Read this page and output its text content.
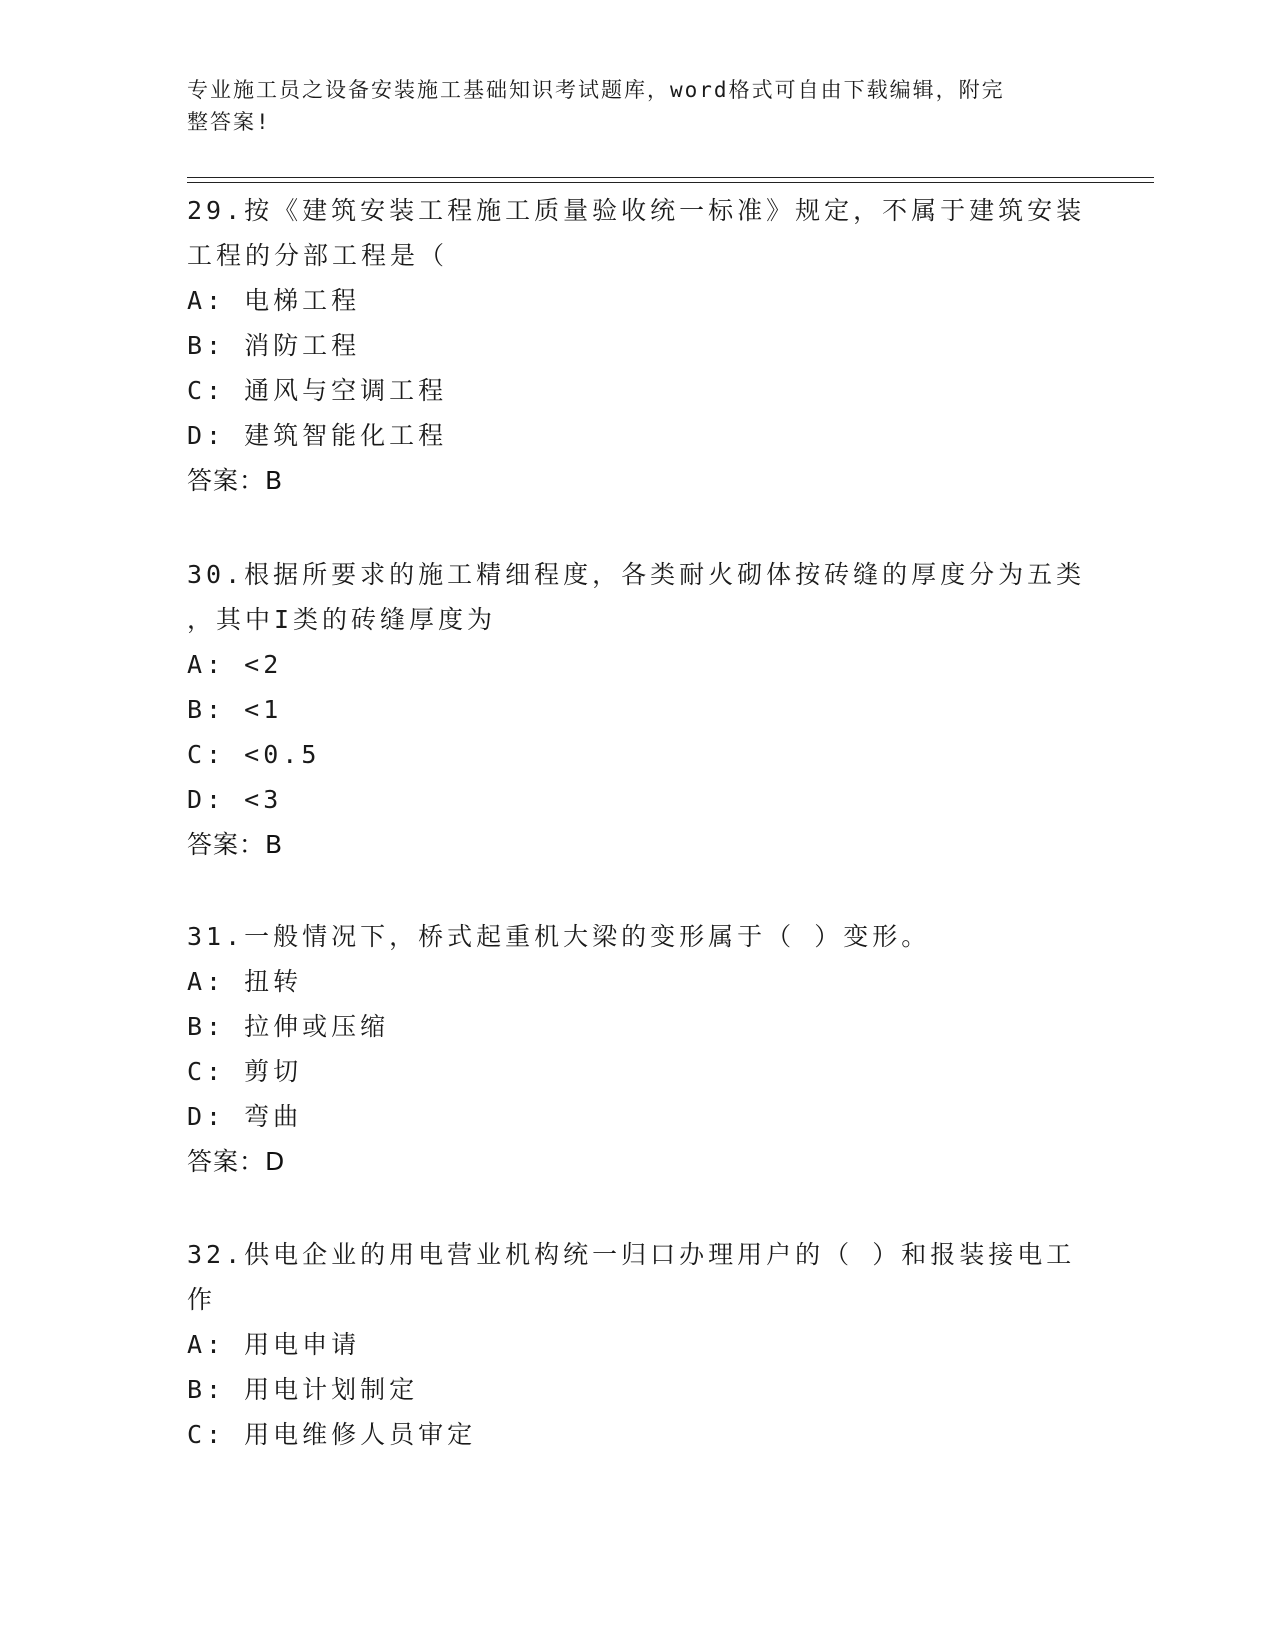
专业施工员之设备安装施工基础知识考试题库，word格式可自由下载编辑，附完
整答案!
29.按《建筑安装工程施工质量验收统一标准》规定，不属于建筑安装
工程的分部工程是（
A: 电梯工程
B: 消防工程
C: 通风与空调工程
D: 建筑智能化工程
答案：B
30.根据所要求的施工精细程度，各类耐火砌体按砖缝的厚度分为五类
，其中I类的砖缝厚度为
A: <2
B: <1
C: <0.5
D: <3
答案：B
31.一般情况下，桥式起重机大梁的变形属于（ ）变形。
A: 扭转
B: 拉伸或压缩
C: 剪切
D: 弯曲
答案：D
32.供电企业的用电营业机构统一归口办理用户的（ ）和报装接电工
作
A: 用电申请
B: 用电计划制定
C: 用电维修人员审定
